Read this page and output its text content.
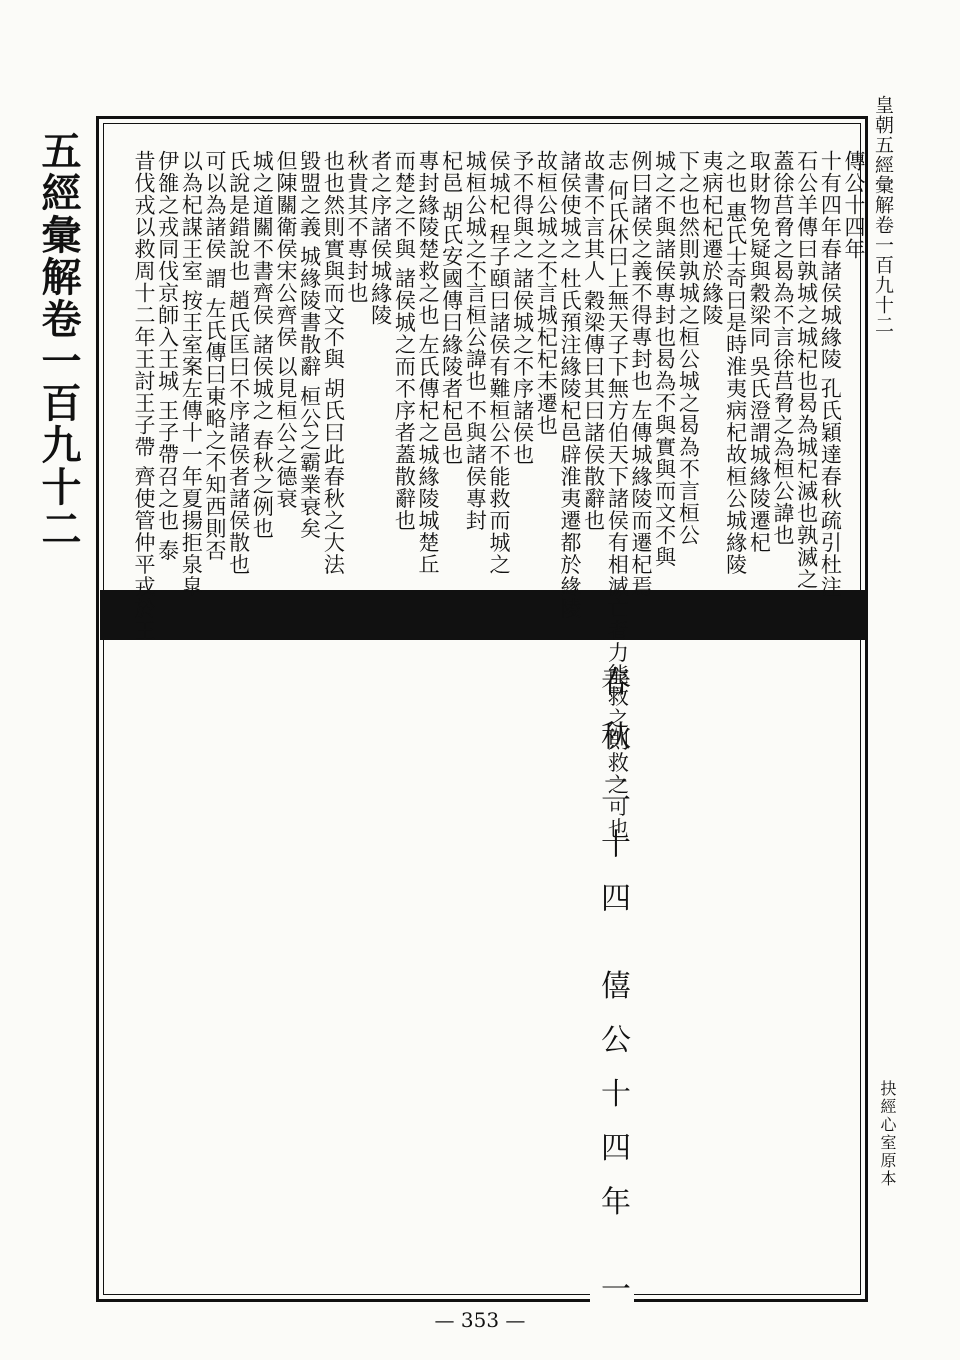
五經彙解卷一百九十二	皇朝五經彙解卷一百九十二
抉經心室原本
春秋二十四 僖公十四年 一
傳公十四年
十有四年春諸侯城緣陵 孔氏穎達春秋疏引杜注
石公羊傳曰孰城之城杞也曷為城杞滅也孰滅之
蓋徐莒脅之曷為不言徐莒脅之為桓公諱也
取財物免疑與穀梁同 吳氏澄謂城緣陵遷杞
之也 惠氏士奇曰是時淮夷病杞故桓公城緣陵
夷病杞杞遷於緣陵
下之也然則孰城之桓公城之曷為不言桓公
城之不與諸侯專封也曷為不與實與而文不與
例曰諸侯之義不得專封也 左傳城緣陵而遷杞焉
志 何氏休曰上無天子下無方伯天下諸侯有相滅亡者力能救之則救之可也
故書不言其人 穀梁傳曰其曰諸侯散辭也
諸侯使城之 杜氏預注緣陵杞邑辟淮夷遷都於緣陵
故桓公城之不言城杞杞未遷也
予不得與之 諸侯城之不序諸侯也
侯城杞 程子頤曰諸侯有難桓公不能救而城之
城桓公城之不言桓公諱也 不與諸侯專封
杞邑 胡氏安國傳曰緣陵者杞邑也
專封緣陵楚救之也 左氏傳杞之城緣陵城楚丘
而楚之不與 諸侯城之而不序者蓋散辭也
者之序諸侯城緣陵
秋貴其不專封也
也也然則實與而文不與 胡氏曰此春秋之大法
毀盟之義 城緣陵書散辭 桓公之霸業衰矣
但陳關衛侯宋公齊侯 以見桓公之德衰
城之道關不書齊侯 諸侯城之 春秋之例也
氏說是錯說也 趙氏匡曰不序諸侯者諸侯散也
可以為諸侯 謂 左氏傳曰東略之不知西則否
以為杞謀王室 按王室案左傳十一年夏揚拒泉皐
伊雒之戎同伐京師入王城 王子帶召之也 泰
昔伐戎以救周十二年王討王子帶 齊使管仲平戎於王
— 353 —
